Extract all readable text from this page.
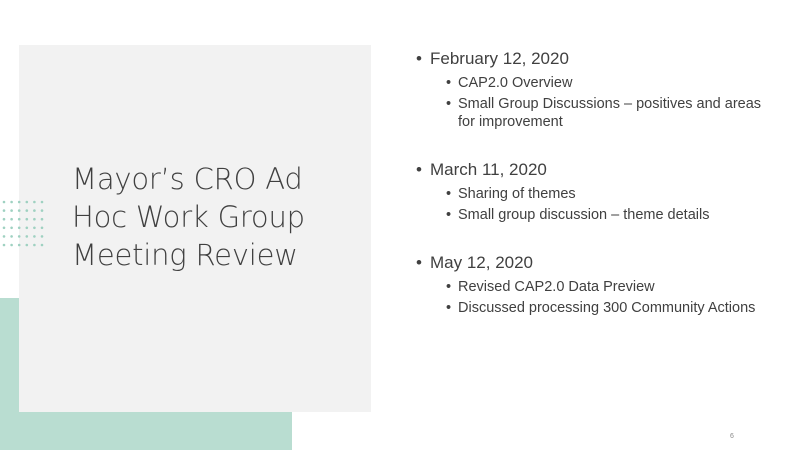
Mayor’s CRO Ad Hoc Work Group Meeting Review
• February 12, 2020
• CAP2.0 Overview
• Small Group Discussions – positives and areas for improvement
• March 11, 2020
• Sharing of themes
• Small group discussion – theme details
• May 12, 2020
• Revised CAP2.0 Data Preview
• Discussed processing 300 Community Actions
6
